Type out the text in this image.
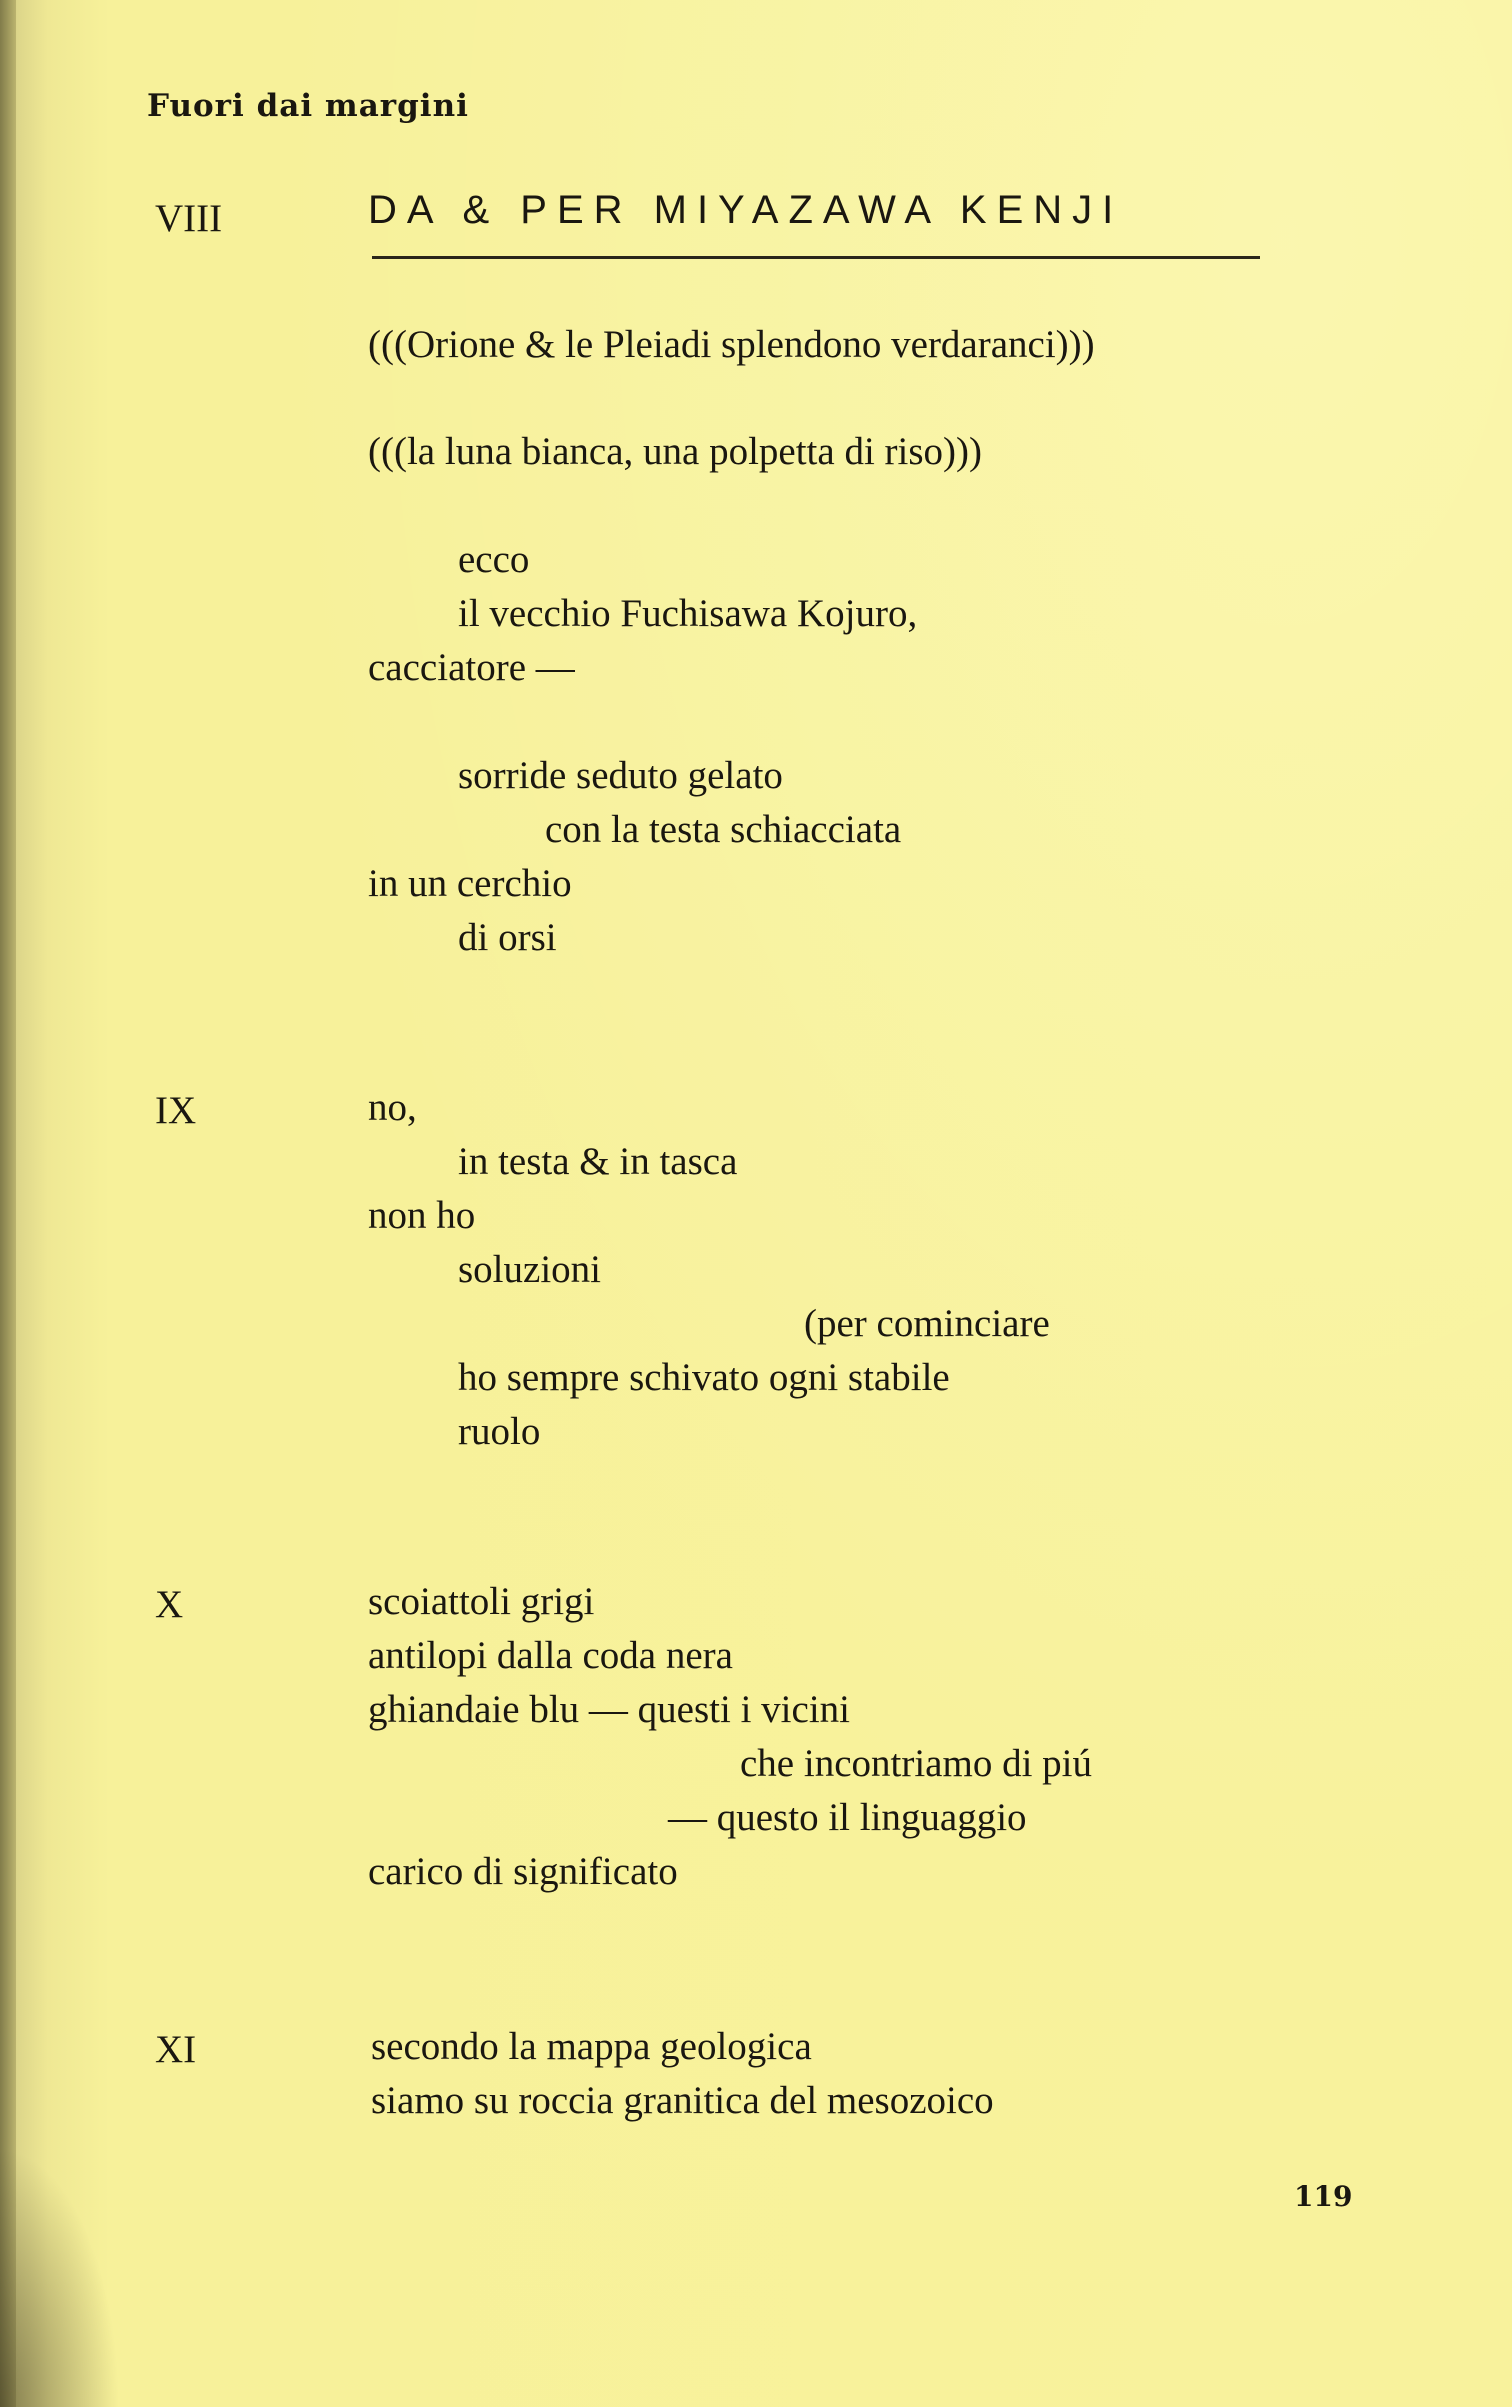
Fuori dai margini
VIII	DA & PER MIYAZAWA KENJI
(((Orione & le Pleiadi splendono verdaranci)))
(((la luna bianca, una polpetta di riso)))
ecco
il vecchio Fuchisawa Kojuro,
cacciatore —
sorride seduto gelato
con la testa schiacciata
in un cerchio
di orsi
IX	no,
in testa & in tasca
non ho
soluzioni
(per cominciare
ho sempre schivato ogni stabile
ruolo
X	scoiattoli grigi
antilopi dalla coda nera
ghiandaie blu — questi i vicini
che incontriamo di piú
— questo il linguaggio
carico di significato
XI	secondo la mappa geologica
siamo su roccia granitica del mesozoico
119
